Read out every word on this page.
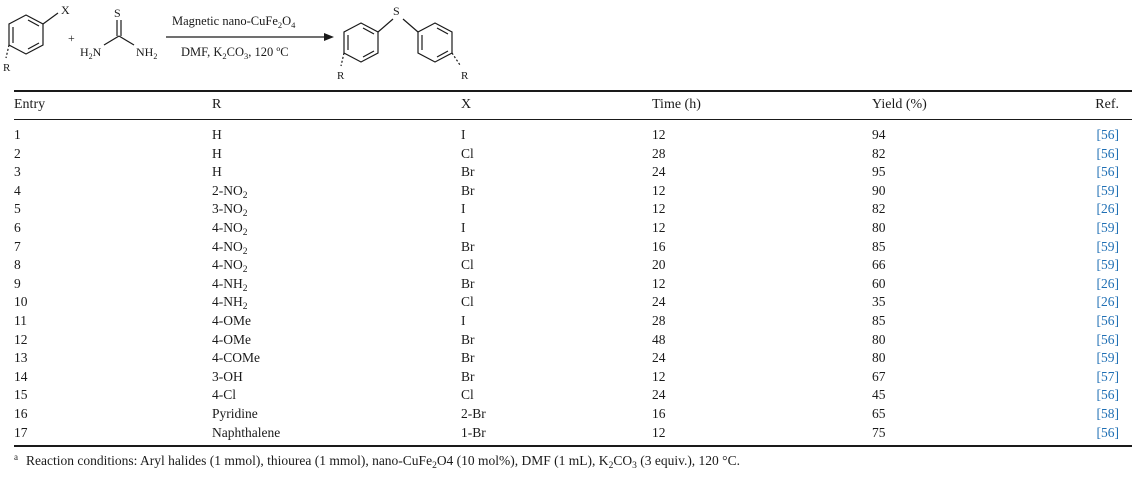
X
R
+
S
$H_2N$	$NH_2$
Magnetic nano-$CuFe_2O_4$
DMF, $K_2CO_3$, 120 ºC
S
R	R
Entry	R	X	Time (h)	Yield (%)	Ref.
1	H	I	12	94	[56]
2	H	Cl	28	82	[56]
3	H	Br	24	95	[56]
4	$2-NO_2$	Br	12	90	[59]
5	$3-NO_2$	I	12	82	[26]
6	$4-NO_2$	I	12	80	[59]
7	$4-NO_2$	Br	16	85	[59]
8	$4-NO_2$	Cl	20	66	[59]
9	$4-NH_2$	Br	12	60	[26]
10	$4-NH_2$	Cl	24	35	[26]
11	4-OMe	I	28	85	[56]
12	4-OMe	Br	48	80	[56]
13	4-COMe	Br	24	80	[59]
14	3-OH	Br	12	67	[57]
15	4-Cl	Cl	24	45	[56]
16	Pyridine	2-Br	16	65	[58]
17	Naphthalene	1-Br	12	75	[56]
$^a$ Reaction conditions: Aryl halides (1 mmol), thiourea (1 mmol), nano-CuFe$_2$O4 (10 mol%), DMF (1 mL), $K_2CO_3$ (3 equiv.), 120 °C.
